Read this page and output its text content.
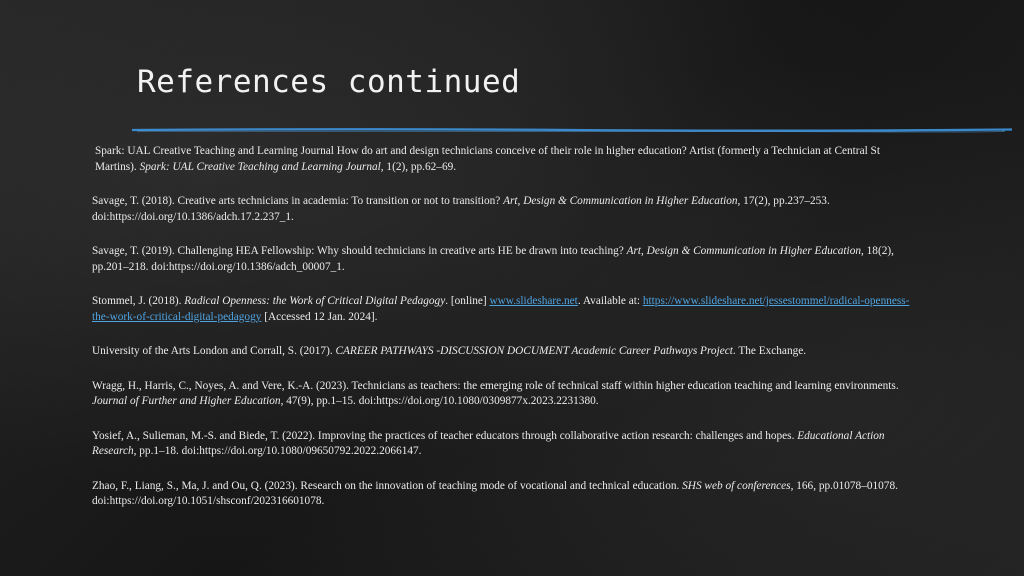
References continued

Spark: UAL Creative Teaching and Learning Journal How do art and design technicians conceive of their role in higher education? Artist (formerly a Technician at Central St Martins). Spark: UAL Creative Teaching and Learning Journal, 1(2), pp.62–69.

Savage, T. (2018). Creative arts technicians in academia: To transition or not to transition? Art, Design & Communication in Higher Education, 17(2), pp.237–253. doi:https://doi.org/10.1386/adch.17.2.237_1.

Savage, T. (2019). Challenging HEA Fellowship: Why should technicians in creative arts HE be drawn into teaching? Art, Design & Communication in Higher Education, 18(2), pp.201–218. doi:https://doi.org/10.1386/adch_00007_1.

Stommel, J. (2018). Radical Openness: the Work of Critical Digital Pedagogy. [online] www.slideshare.net. Available at: https://www.slideshare.net/jessestommel/radical-openness-the-work-of-critical-digital-pedagogy [Accessed 12 Jan. 2024].

University of the Arts London and Corrall, S. (2017). CAREER PATHWAYS -DISCUSSION DOCUMENT Academic Career Pathways Project. The Exchange.

Wragg, H., Harris, C., Noyes, A. and Vere, K.-A. (2023). Technicians as teachers: the emerging role of technical staff within higher education teaching and learning environments. Journal of Further and Higher Education, 47(9), pp.1–15. doi:https://doi.org/10.1080/0309877x.2023.2231380.

Yosief, A., Sulieman, M.-S. and Biede, T. (2022). Improving the practices of teacher educators through collaborative action research: challenges and hopes. Educational Action Research, pp.1–18. doi:https://doi.org/10.1080/09650792.2022.2066147.

Zhao, F., Liang, S., Ma, J. and Ou, Q. (2023). Research on the innovation of teaching mode of vocational and technical education. SHS web of conferences, 166, pp.01078–01078. doi:https://doi.org/10.1051/shsconf/202316601078.
